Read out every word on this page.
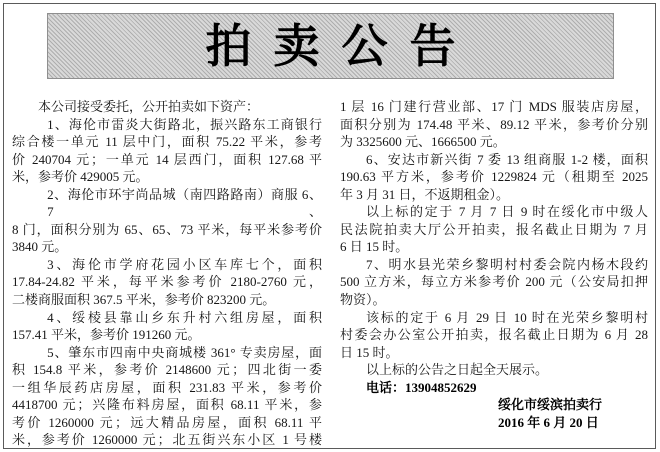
拍卖公告
本公司接受委托，公开拍卖如下资产：
1、海伦市雷炎大街路北，振兴路东工商银行
综合楼一单元 11 层中门，面积 75.22 平米，参考
价 240704 元；一单元 14 层西门，面积 127.68 平
米，参考价 429005 元。
2、海伦市环宇尚品城（南四路路南）商服 6、7、
8 门，面积分别为 65、65、73 平米，每平米参考价
3840 元。
3、海伦市学府花园小区车库七个，面积
17.84-24.82 平米，每平米参考价 2180-2760 元，
二楼商服面积 367.5 平米，参考价 823200 元。
4、绥棱县靠山乡东升村六组房屋，面积
157.41 平米，参考价 191260 元。
5、肇东市四南中央商城楼 361° 专卖房屋，面
积 154.8 平米，参考价 2148600 元；四北街一委
一组华辰药店房屋，面积 231.83 平米，参考价
4418700 元；兴隆布料房屋，面积 68.11 平米，参
考价 1260000 元；远大精品房屋，面积 68.11 平
米，参考价 1260000 元；北五街兴东小区 1 号楼
1 层 16 门建行营业部、17 门 MDS 服装店房屋，
面积分别为 174.48 平米、89.12 平米，参考价分别
为 3325600 元、1666500 元。
6、安达市新兴街 7 委 13 组商服 1-2 楼，面积
190.63 平方米，参考价 1229824 元（租期至 2025
年 3 月 31 日，不返期租金）。
以上标的定于 7 月 7 日 9 时在绥化市中级人
民法院拍卖大厅公开拍卖，报名截止日期为 7 月
6 日 15 时。
7、明水县光荣乡黎明村村委会院内杨木段约
500 立方米，每立方米参考价 200 元（公安局扣押
物资）。
该标的定于 6 月 29 日 10 时在光荣乡黎明村
村委会办公室公开拍卖，报名截止日期为 6 月 28
日 15 时。
以上标的公告之日起全天展示。
电话：13904852629
绥化市绥滨拍卖行
2016 年 6 月 20 日
